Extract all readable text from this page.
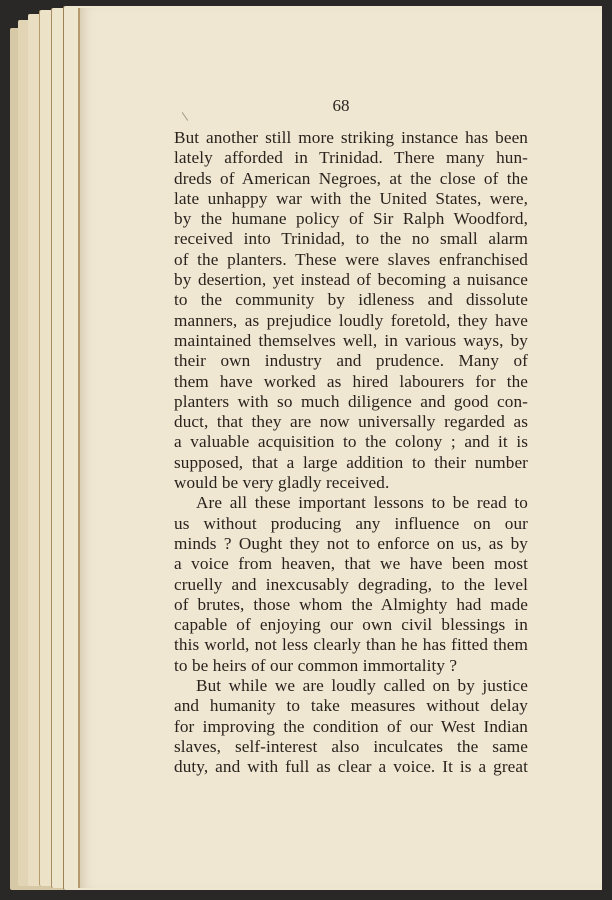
68
But another still more striking instance has been
lately afforded in Trinidad. There many hun-
dreds of American Negroes, at the close of the
late unhappy war with the United States, were,
by the humane policy of Sir Ralph Woodford,
received into Trinidad, to the no small alarm
of the planters. These were slaves enfranchised
by desertion, yet instead of becoming a nuisance
to the community by idleness and dissolute
manners, as prejudice loudly foretold, they have
maintained themselves well, in various ways, by
their own industry and prudence. Many of
them have worked as hired labourers for the
planters with so much diligence and good con-
duct, that they are now universally regarded as
a valuable acquisition to the colony ; and it is
supposed, that a large addition to their number
would be very gladly received.
Are all these important lessons to be read to
us without producing any influence on our
minds ? Ought they not to enforce on us, as by
a voice from heaven, that we have been most
cruelly and inexcusably degrading, to the level
of brutes, those whom the Almighty had made
capable of enjoying our own civil blessings in
this world, not less clearly than he has fitted them
to be heirs of our common immortality ?
But while we are loudly called on by justice
and humanity to take measures without delay
for improving the condition of our West Indian
slaves, self-interest also inculcates the same
duty, and with full as clear a voice. It is a great
